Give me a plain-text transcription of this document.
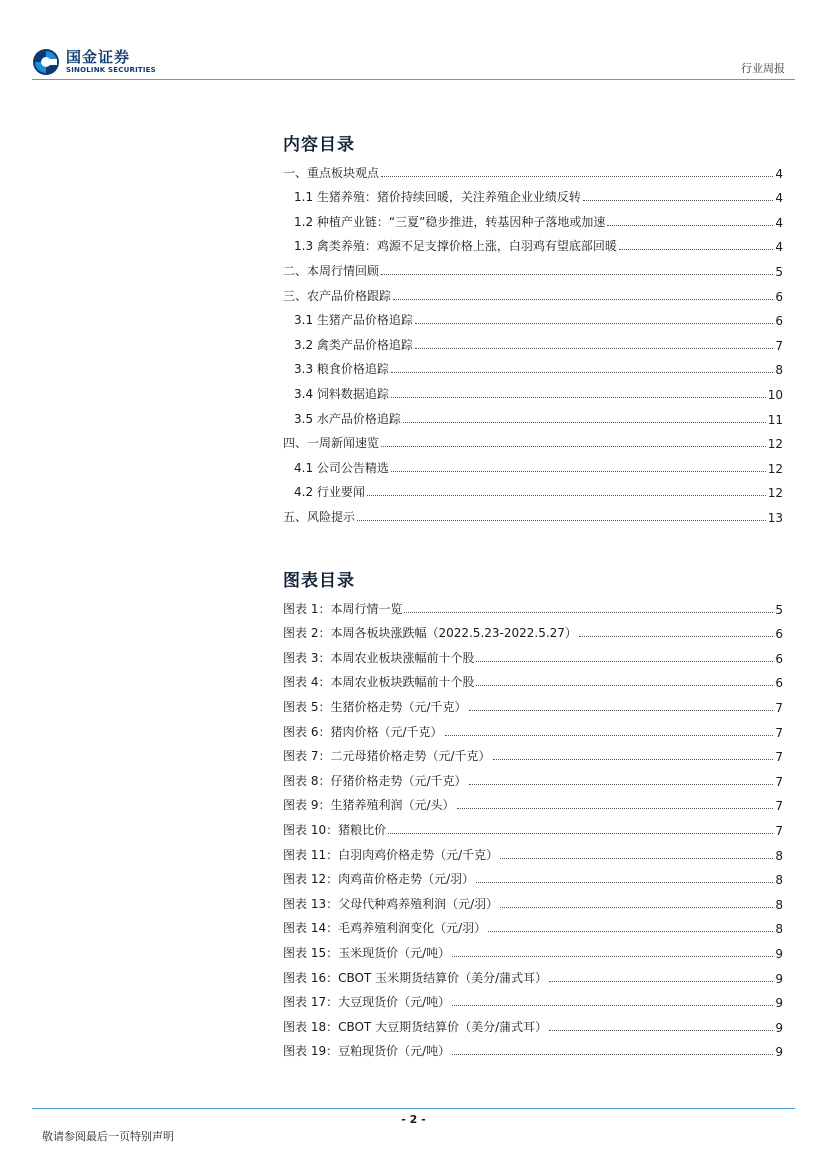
国金证券
SINOLINK SECURITIES	行业周报
内容目录
一、重点板块观点	4
1.1 生猪养殖：猪价持续回暖，关注养殖企业业绩反转	4
1.2 种植产业链：“三夏”稳步推进，转基因种子落地或加速	4
1.3 禽类养殖：鸡源不足支撑价格上涨，白羽鸡有望底部回暖	4
二、本周行情回顾	5
三、农产品价格跟踪	6
3.1 生猪产品价格追踪	6
3.2 禽类产品价格追踪	7
3.3 粮食价格追踪	8
3.4 饲料数据追踪	10
3.5 水产品价格追踪	11
四、一周新闻速览	12
4.1 公司公告精选	12
4.2 行业要闻	12
五、风险提示	13
图表目录
图表 1：本周行情一览	5
图表 2：本周各板块涨跌幅（2022.5.23-2022.5.27）	6
图表 3：本周农业板块涨幅前十个股	6
图表 4：本周农业板块跌幅前十个股	6
图表 5：生猪价格走势（元/千克）	7
图表 6：猪肉价格（元/千克）	7
图表 7：二元母猪价格走势（元/千克）	7
图表 8：仔猪价格走势（元/千克）	7
图表 9：生猪养殖利润（元/头）	7
图表 10：猪粮比价	7
图表 11：白羽肉鸡价格走势（元/千克）	8
图表 12：肉鸡苗价格走势（元/羽）	8
图表 13：父母代种鸡养殖利润（元/羽）	8
图表 14：毛鸡养殖利润变化（元/羽）	8
图表 15：玉米现货价（元/吨）	9
图表 16：CBOT 玉米期货结算价（美分/蒲式耳）	9
图表 17：大豆现货价（元/吨）	9
图表 18：CBOT 大豆期货结算价（美分/蒲式耳）	9
图表 19：豆粕现货价（元/吨）	9
- 2 -
敬请参阅最后一页特别声明
